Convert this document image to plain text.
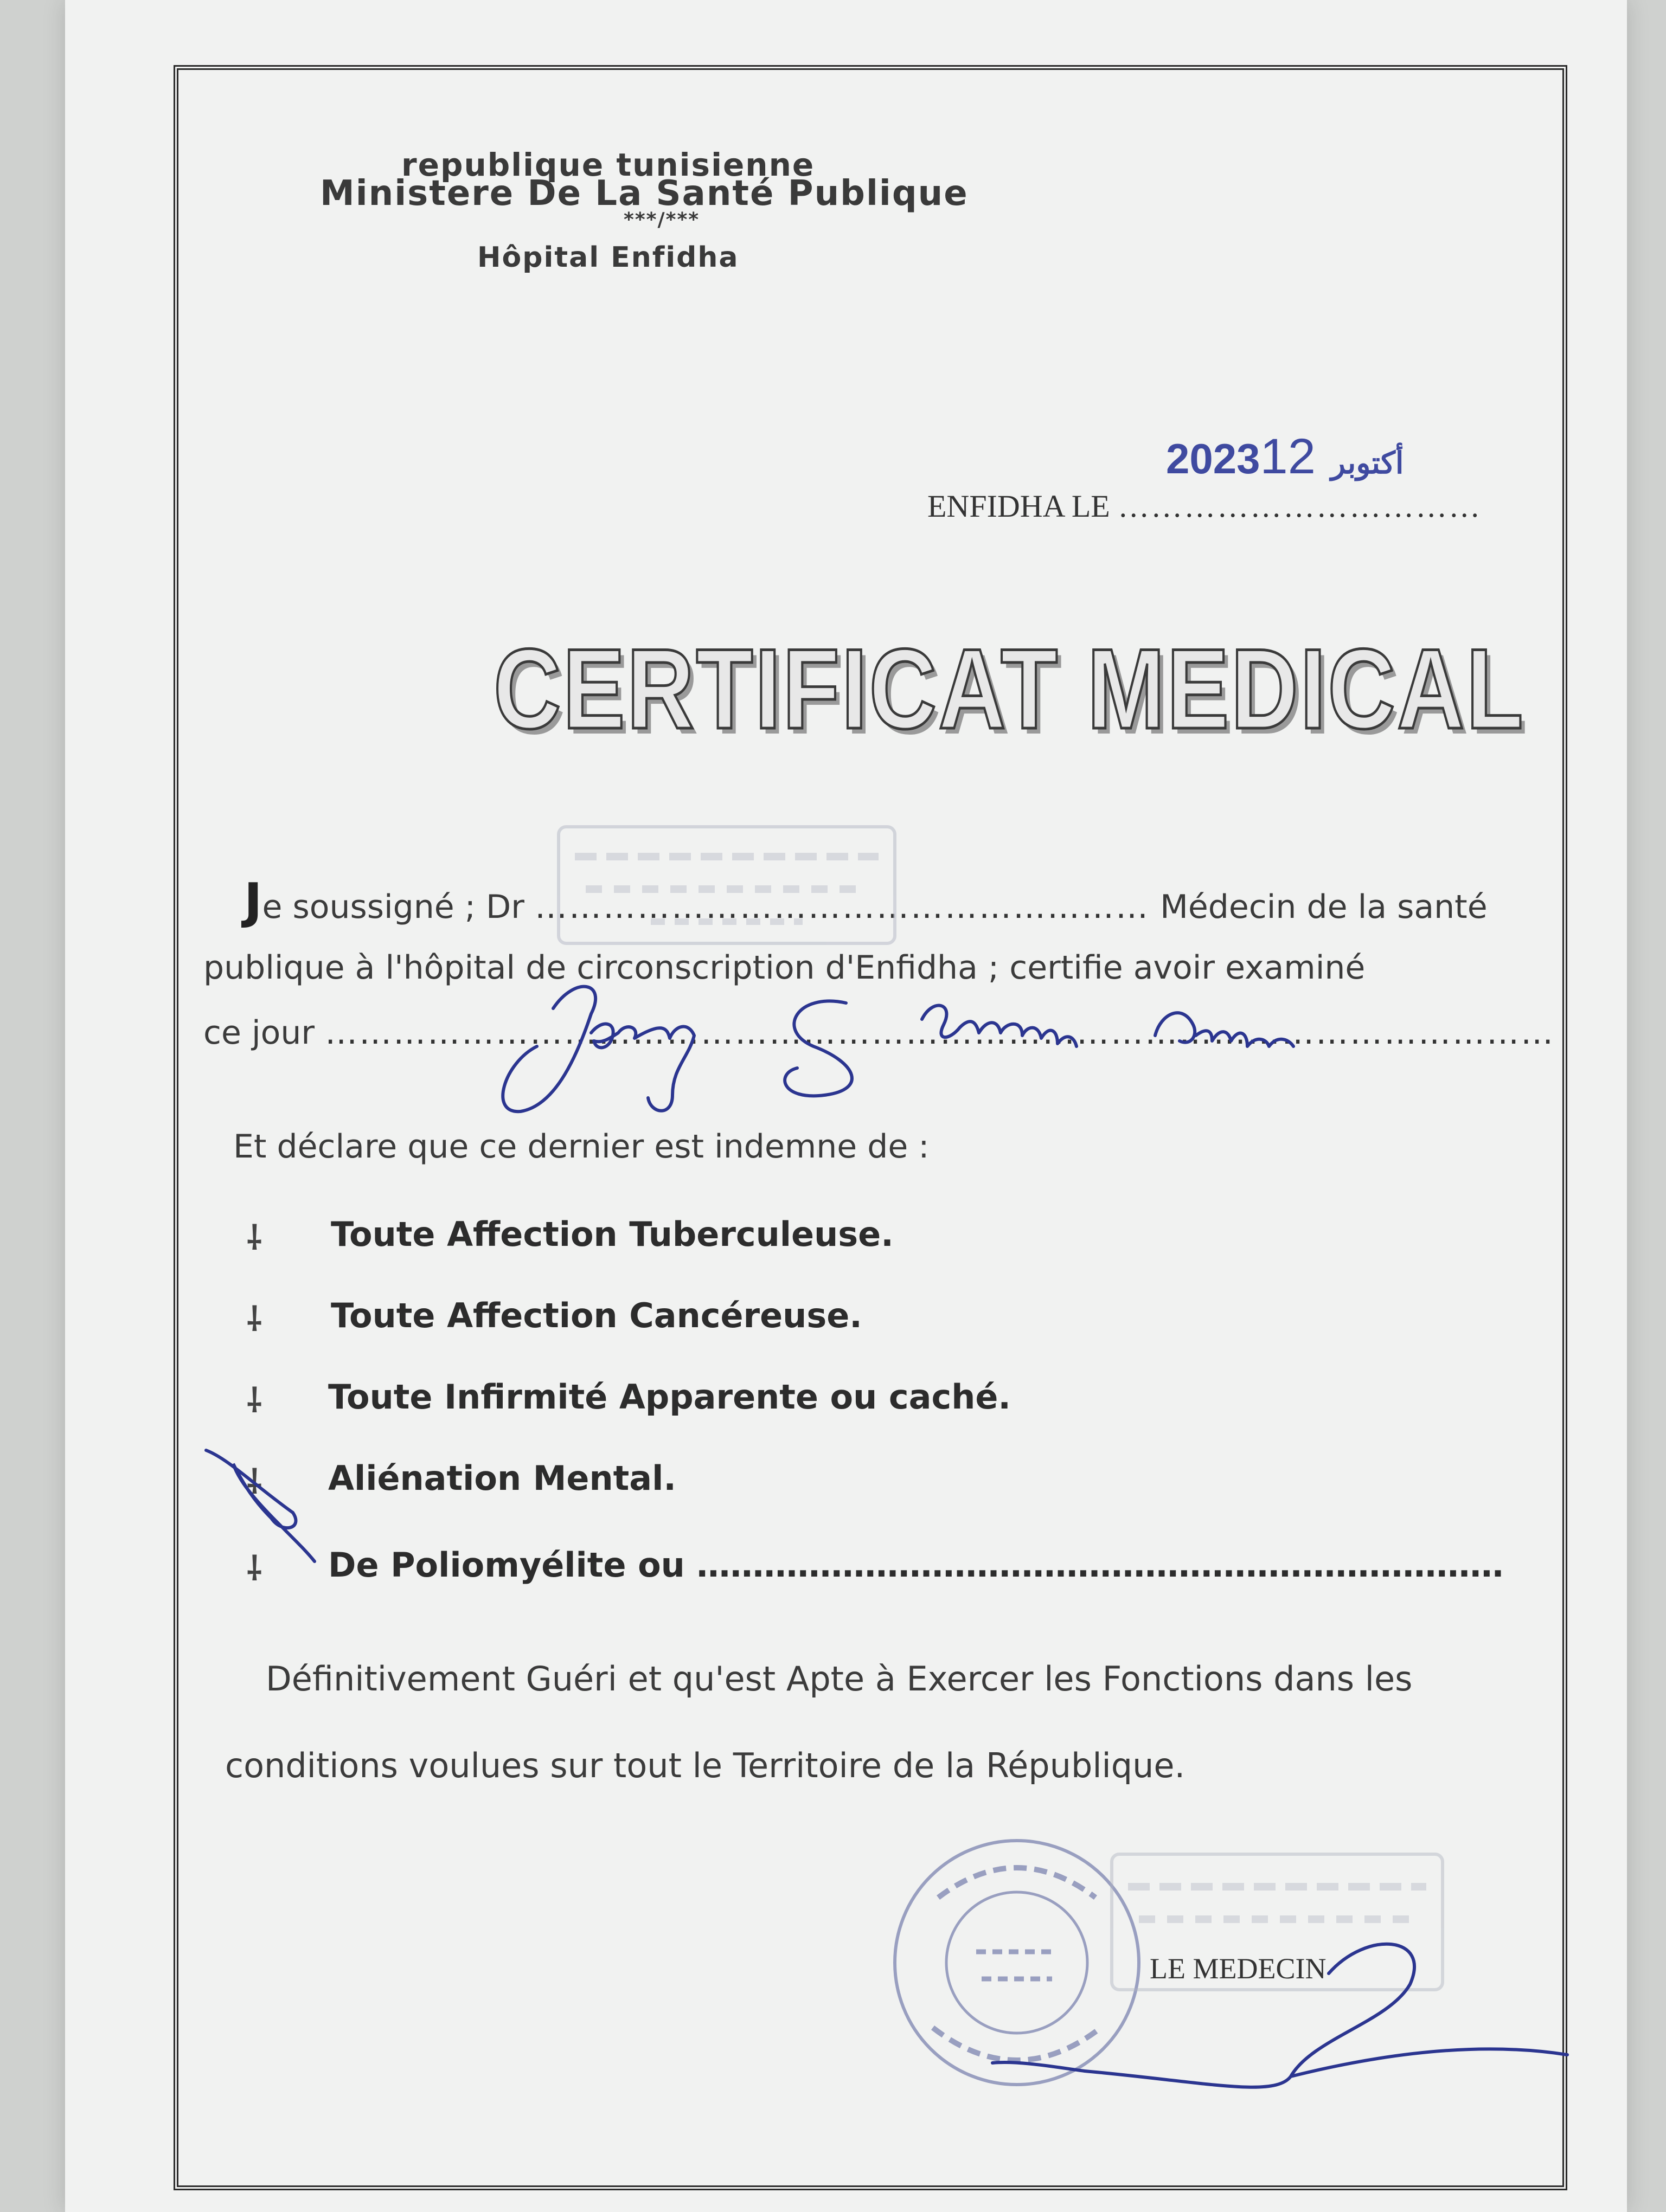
republique tunisienne
Ministere De La Santé Publique
***/***
Hôpital Enfidha
2023 أكتوبر12
ENFIDHA LE ……………………………
CERTIFICAT MEDICAL
Je soussigné ; Dr ……………………………………………… Médecin de la santé
publique à l'hôpital de circonscription d'Enfidha ; certifie avoir examiné
ce jour ………………………………………………………………………………………………
Et déclare que ce dernier est indemne de :
⸸ Toute Affection Tuberculeuse.
⸸ Toute Affection Cancéreuse.
⸸ Toute Infirmité Apparente ou caché.
⸸ Aliénation Mental.
⸸ De Poliomyélite ou ………………………………………………………………
Définitivement Guéri et qu'est Apte à Exercer les Fonctions dans les
conditions voulues sur tout le Territoire de la République.
LE MEDECIN
